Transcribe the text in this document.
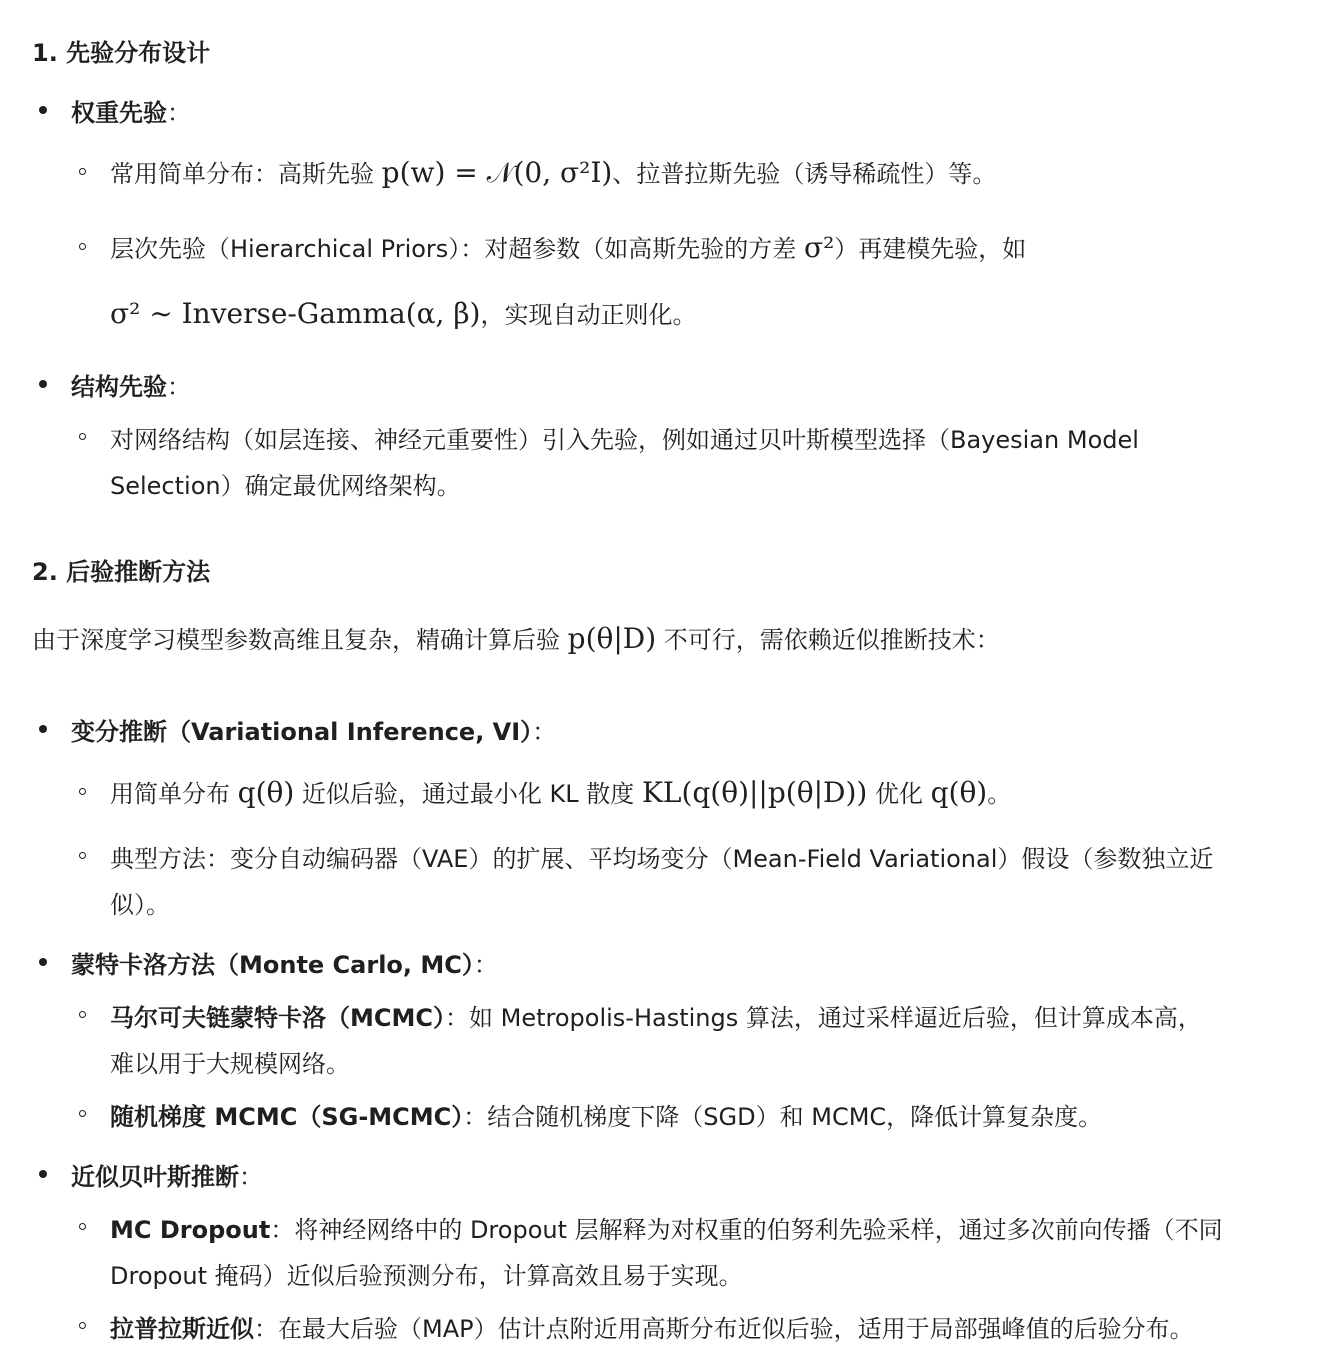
1. 先验分布设计
权重先验：
常用简单分布：高斯先验 p(w) = 𝒩(0, σ²I)、拉普拉斯先验（诱导稀疏性）等。
层次先验（Hierarchical Priors）：对超参数（如高斯先验的方差 σ²）再建模先验，如
σ² ∼ Inverse-Gamma(α, β)，实现自动正则化。
结构先验：
对网络结构（如层连接、神经元重要性）引入先验，例如通过贝叶斯模型选择（Bayesian Model
Selection）确定最优网络架构。
2. 后验推断方法
由于深度学习模型参数高维且复杂，精确计算后验 p(θ|D) 不可行，需依赖近似推断技术：
变分推断（Variational Inference, VI）：
用简单分布 q(θ) 近似后验，通过最小化 KL 散度 KL(q(θ)||p(θ|D)) 优化 q(θ)。
典型方法：变分自动编码器（VAE）的扩展、平均场变分（Mean-Field Variational）假设（参数独立近
似）。
蒙特卡洛方法（Monte Carlo, MC）：
马尔可夫链蒙特卡洛（MCMC）：如 Metropolis-Hastings 算法，通过采样逼近后验，但计算成本高，
难以用于大规模网络。
随机梯度 MCMC（SG-MCMC）：结合随机梯度下降（SGD）和 MCMC，降低计算复杂度。
近似贝叶斯推断：
MC Dropout：将神经网络中的 Dropout 层解释为对权重的伯努利先验采样，通过多次前向传播（不同
Dropout 掩码）近似后验预测分布，计算高效且易于实现。
拉普拉斯近似：在最大后验（MAP）估计点附近用高斯分布近似后验，适用于局部强峰值的后验分布。
